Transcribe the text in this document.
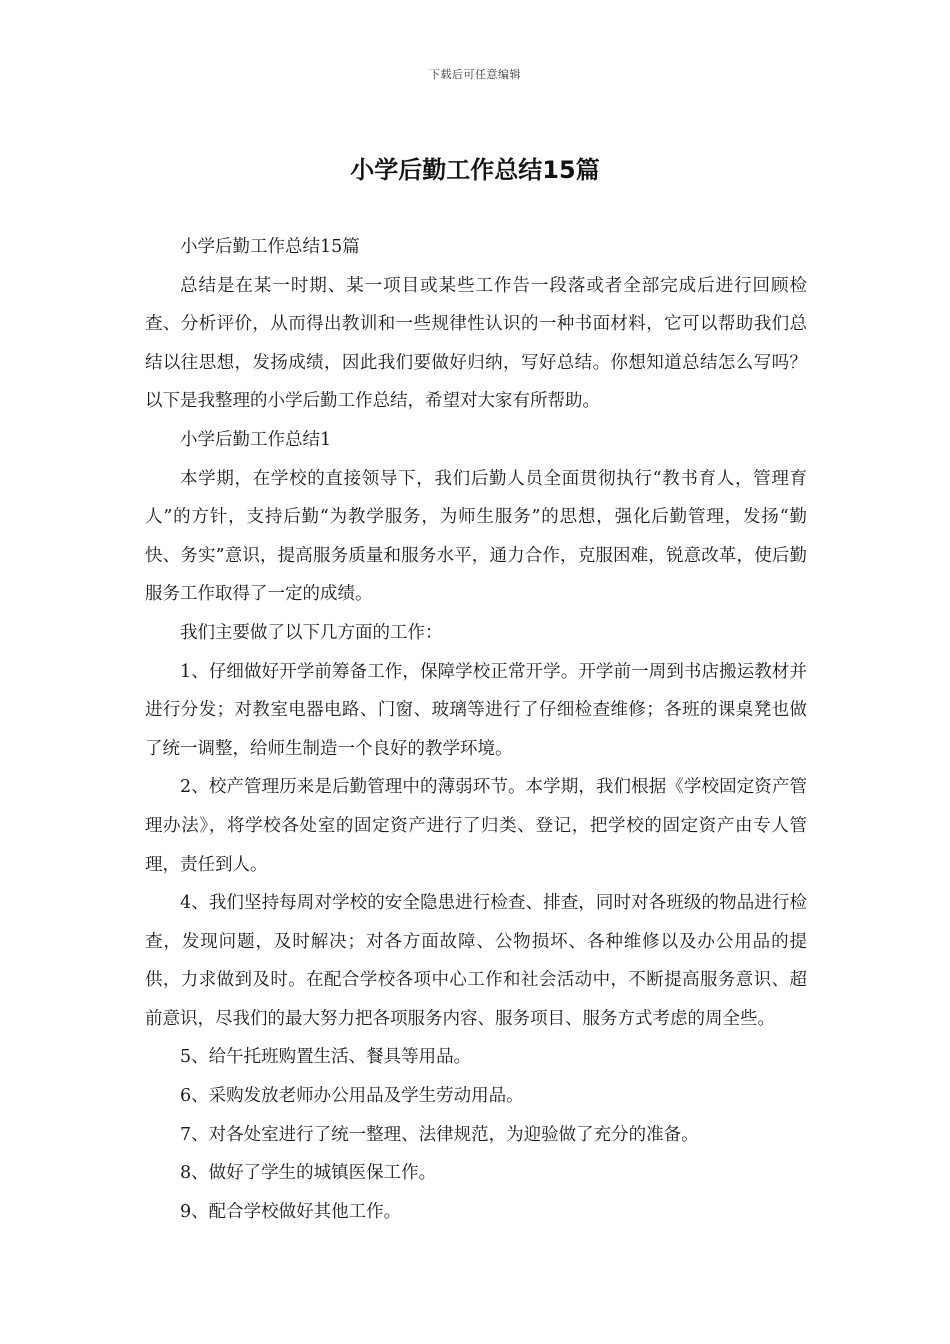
下载后可任意编辑
小学后勤工作总结15篇

小学后勤工作总结15篇

总结是在某一时期、某一项目或某些工作告一段落或者全部完成后进行回顾检查、分析评价，从而得出教训和一些规律性认识的一种书面材料，它可以帮助我们总结以往思想，发扬成绩，因此我们要做好归纳，写好总结。你想知道总结怎么写吗？以下是我整理的小学后勤工作总结，希望对大家有所帮助。

小学后勤工作总结1

本学期，在学校的直接领导下，我们后勤人员全面贯彻执行“教书育人，管理育人”的方针，支持后勤“为教学服务，为师生服务”的思想，强化后勤管理，发扬“勤快、务实”意识，提高服务质量和服务水平，通力合作，克服困难，锐意改革，使后勤服务工作取得了一定的成绩。

我们主要做了以下几方面的工作：

1、仔细做好开学前筹备工作，保障学校正常开学。开学前一周到书店搬运教材并进行分发；对教室电器电路、门窗、玻璃等进行了仔细检查维修；各班的课桌凳也做了统一调整，给师生制造一个良好的教学环境。

2、校产管理历来是后勤管理中的薄弱环节。本学期，我们根据《学校固定资产管理办法》，将学校各处室的固定资产进行了归类、登记，把学校的固定资产由专人管理，责任到人。

4、我们坚持每周对学校的安全隐患进行检查、排查，同时对各班级的物品进行检查，发现问题，及时解决；对各方面故障、公物损坏、各种维修以及办公用品的提供，力求做到及时。在配合学校各项中心工作和社会活动中，不断提高服务意识、超前意识，尽我们的最大努力把各项服务内容、服务项目、服务方式考虑的周全些。

5、给午托班购置生活、餐具等用品。

6、采购发放老师办公用品及学生劳动用品。

7、对各处室进行了统一整理、法律规范，为迎验做了充分的准备。

8、做好了学生的城镇医保工作。

9、配合学校做好其他工作。
